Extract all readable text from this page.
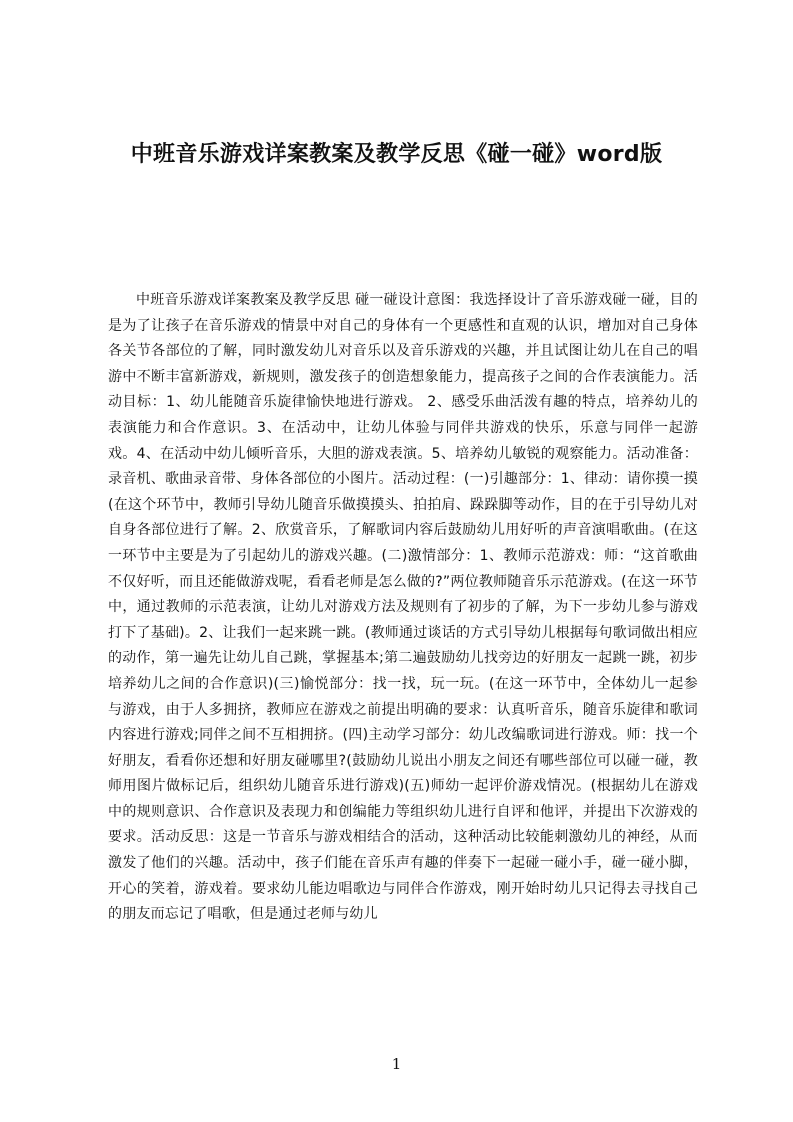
中班音乐游戏详案教案及教学反思《碰一碰》word版

中班音乐游戏详案教案及教学反思 碰一碰设计意图：我选择设计了音乐游戏碰一碰，目的是为了让孩子在音乐游戏的情景中对自己的身体有一个更感性和直观的认识，增加对自己身体各关节各部位的了解，同时激发幼儿对音乐以及音乐游戏的兴趣，并且试图让幼儿在自己的唱游中不断丰富新游戏，新规则，激发孩子的创造想象能力，提高孩子之间的合作表演能力。活动目标：1、幼儿能随音乐旋律愉快地进行游戏。 2、感受乐曲活泼有趣的特点，培养幼儿的表演能力和合作意识。3、在活动中，让幼儿体验与同伴共游戏的快乐，乐意与同伴一起游戏。4、在活动中幼儿倾听音乐，大胆的游戏表演。5、培养幼儿敏锐的观察能力。活动准备：录音机、歌曲录音带、身体各部位的小图片。活动过程：(一)引趣部分：1、律动：请你摸一摸(在这个环节中，教师引导幼儿随音乐做摸摸头、拍拍肩、跺跺脚等动作，目的在于引导幼儿对自身各部位进行了解。2、欣赏音乐，了解歌词内容后鼓励幼儿用好听的声音演唱歌曲。(在这一环节中主要是为了引起幼儿的游戏兴趣。(二)激情部分：1、教师示范游戏：师：“这首歌曲不仅好听，而且还能做游戏呢，看看老师是怎么做的?”两位教师随音乐示范游戏。(在这一环节中，通过教师的示范表演，让幼儿对游戏方法及规则有了初步的了解，为下一步幼儿参与游戏打下了基础)。2、让我们一起来跳一跳。(教师通过谈话的方式引导幼儿根据每句歌词做出相应的动作，第一遍先让幼儿自己跳，掌握基本;第二遍鼓励幼儿找旁边的好朋友一起跳一跳，初步培养幼儿之间的合作意识)(三)愉悦部分：找一找，玩一玩。(在这一环节中，全体幼儿一起参与游戏，由于人多拥挤，教师应在游戏之前提出明确的要求：认真听音乐，随音乐旋律和歌词内容进行游戏;同伴之间不互相拥挤。(四)主动学习部分：幼儿改编歌词进行游戏。师：找一个好朋友，看看你还想和好朋友碰哪里?(鼓励幼儿说出小朋友之间还有哪些部位可以碰一碰，教师用图片做标记后，组织幼儿随音乐进行游戏)(五)师幼一起评价游戏情况。(根据幼儿在游戏中的规则意识、合作意识及表现力和创编能力等组织幼儿进行自评和他评，并提出下次游戏的要求。活动反思：这是一节音乐与游戏相结合的活动，这种活动比较能刺激幼儿的神经，从而激发了他们的兴趣。活动中，孩子们能在音乐声有趣的伴奏下一起碰一碰小手，碰一碰小脚，开心的笑着，游戏着。要求幼儿能边唱歌边与同伴合作游戏，刚开始时幼儿只记得去寻找自己的朋友而忘记了唱歌，但是通过老师与幼儿

1
